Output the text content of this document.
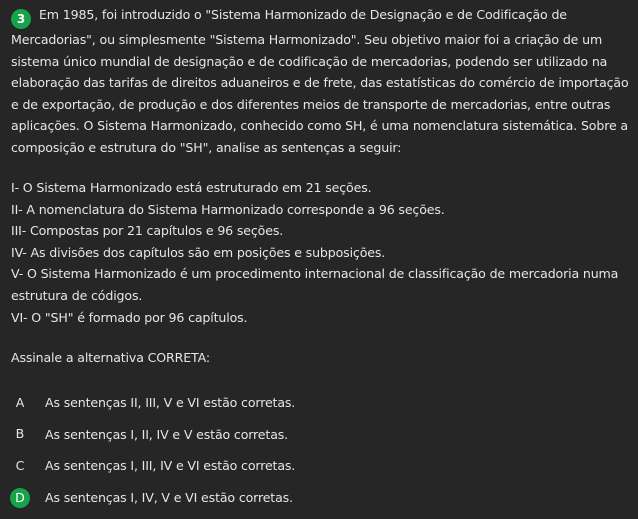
3 Em 1985, foi introduzido o "Sistema Harmonizado de Designação e de Codificação de Mercadorias", ou simplesmente "Sistema Harmonizado". Seu objetivo maior foi a criação de um sistema único mundial de designação e de codificação de mercadorias, podendo ser utilizado na elaboração das tarifas de direitos aduaneiros e de frete, das estatísticas do comércio de importação e de exportação, de produção e dos diferentes meios de transporte de mercadorias, entre outras aplicações. O Sistema Harmonizado, conhecido como SH, é uma nomenclatura sistemática. Sobre a composição e estrutura do "SH", analise as sentenças a seguir:
I- O Sistema Harmonizado está estruturado em 21 seções.
II- A nomenclatura do Sistema Harmonizado corresponde a 96 seções.
III- Compostas por 21 capítulos e 96 seções.
IV- As divisões dos capítulos são em posições e subposições.
V- O Sistema Harmonizado é um procedimento internacional de classificação de mercadoria numa estrutura de códigos.
VI- O "SH" é formado por 96 capítulos.
Assinale a alternativa CORRETA:
A	As sentenças II, III, V e VI estão corretas.
B	As sentenças I, II, IV e V estão corretas.
C	As sentenças I, III, IV e VI estão corretas.
D	As sentenças I, IV, V e VI estão corretas.
